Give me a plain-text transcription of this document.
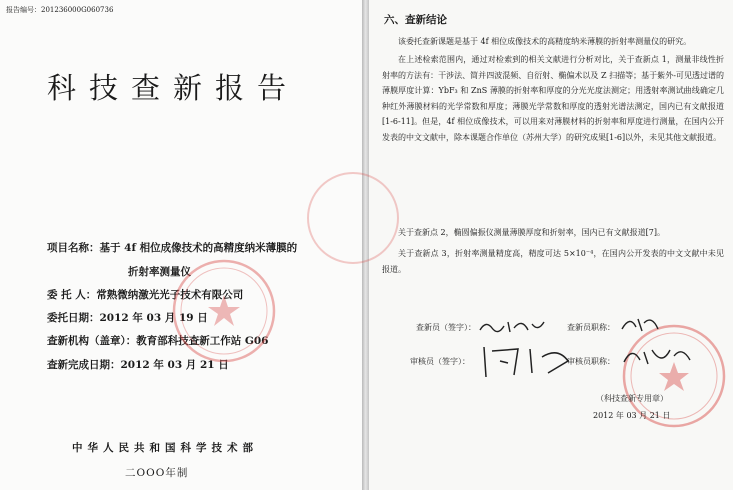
报告编号：201236000G060736
科技查新报告
项目名称：基于 4f 相位成像技术的高精度纳米薄膜的
折射率测量仪
委 托 人：常熟微纳激光光子技术有限公司
委托日期：2012 年 03 月 19 日
查新机构（盖章）：教育部科技查新工作站 G06
查新完成日期：2012 年 03 月 21 日
中华人民共和国科学技术部
二OOO年制
六、查新结论
该委托查新课题是基于 4f 相位成像技术的高精度纳米薄膜的折射率测量仪的研究。
在上述检索范围内，通过对检索到的相关文献进行分析对比，关于查新点 1，测量非线性折射率的方法有：干涉法、简并四波混频、自衍射、椭偏术以及 Z 扫描等；基于紫外-可见透过谱的薄膜厚度计算：YbF₃ 和 ZnS 薄膜的折射率和厚度的分光光度法测定；用透射率测试曲线确定几种红外薄膜材料的光学常数和厚度；薄膜光学常数和厚度的透射光谱法测定，国内已有文献报道[1-6-11]。但是，4f 相位成像技术，可以用来对薄膜材料的折射率和厚度进行测量，在国内公开发表的中文文献中，除本课题合作单位（苏州大学）的研究成果[1-6]以外，未见其他文献报道。
关于查新点 2，椭圆偏振仪测量薄膜厚度和折射率，国内已有文献报道[7]。
关于查新点 3，折射率测量精度高，精度可达 5×10⁻⁴，在国内公开发表的中文文献中未见报道。
查新员（签字）：	查新员职称：
审核员（签字）：	审核员职称：
（科技查新专用章）
2012 年 03 月 21 日
